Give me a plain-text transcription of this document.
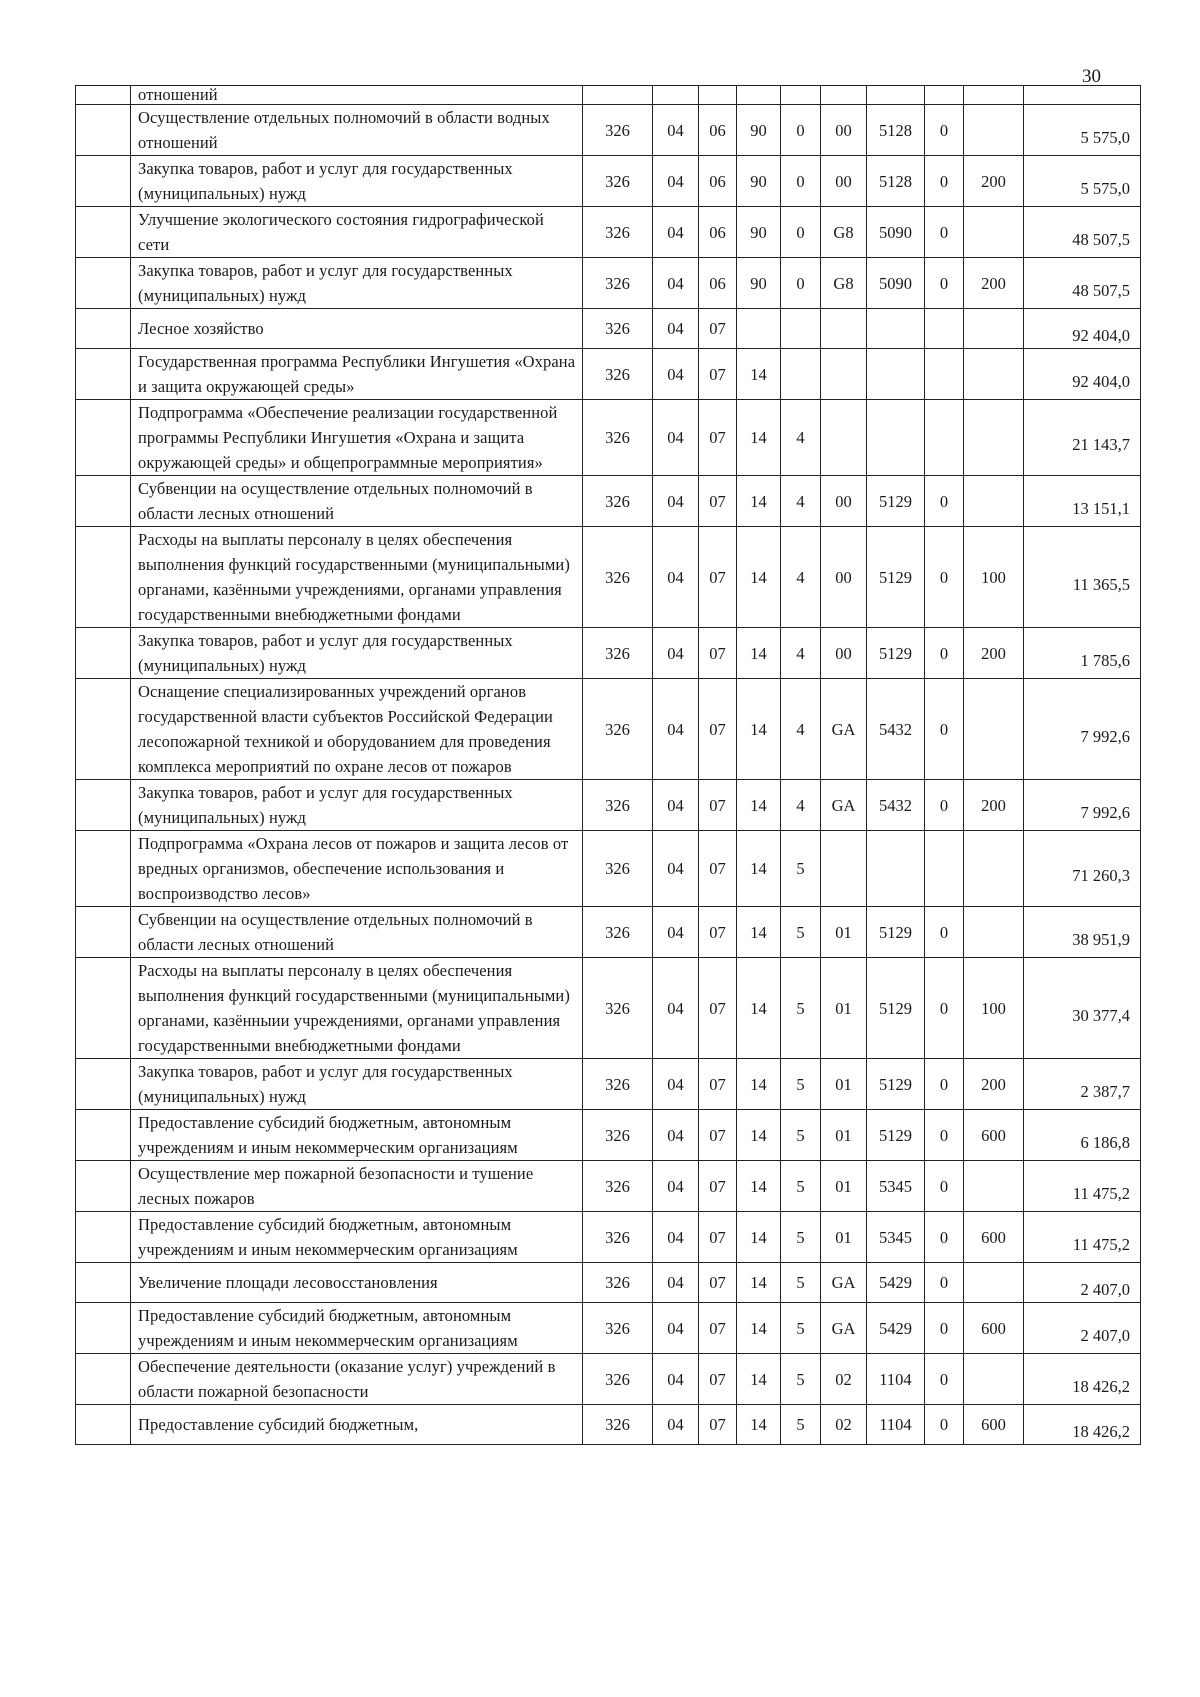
30
	отношений										
	Осуществление отдельных полномочий в области водных отношений	326	04	06	90	0	00	5128	0		5 575,0
	Закупка товаров, работ и услуг для государственных (муниципальных) нужд	326	04	06	90	0	00	5128	0	200	5 575,0
	Улучшение экологического состояния гидрографической сети	326	04	06	90	0	G8	5090	0		48 507,5
	Закупка товаров, работ и услуг для государственных (муниципальных) нужд	326	04	06	90	0	G8	5090	0	200	48 507,5
	Лесное хозяйство	326	04	07							92 404,0
	Государственная программа Республики Ингушетия «Охрана и защита окружающей среды»	326	04	07	14						92 404,0
	Подпрограмма «Обеспечение реализации государственной программы Республики Ингушетия «Охрана и защита окружающей среды» и общепрограммные мероприятия»	326	04	07	14	4					21 143,7
	Субвенции на осуществление отдельных полномочий в области лесных отношений	326	04	07	14	4	00	5129	0		13 151,1
	Расходы на выплаты персоналу в целях обеспечения выполнения функций государственными (муниципальными) органами, казёнными учреждениями, органами управления государственными внебюджетными фондами	326	04	07	14	4	00	5129	0	100	11 365,5
	Закупка товаров, работ и услуг для государственных (муниципальных) нужд	326	04	07	14	4	00	5129	0	200	1 785,6
	Оснащение специализированных учреждений органов государственной власти субъектов Российской Федерации лесопожарной техникой и оборудованием для проведения комплекса мероприятий по охране лесов от пожаров	326	04	07	14	4	GA	5432	0		7 992,6
	Закупка товаров, работ и услуг для государственных (муниципальных) нужд	326	04	07	14	4	GA	5432	0	200	7 992,6
	Подпрограмма «Охрана лесов от пожаров и защита лесов от вредных организмов, обеспечение использования и воспроизводство лесов»	326	04	07	14	5					71 260,3
	Субвенции на осуществление отдельных полномочий в области лесных отношений	326	04	07	14	5	01	5129	0		38 951,9
	Расходы на выплаты персоналу в целях обеспечения выполнения функций государственными (муниципальными) органами, казённыии учреждениями, органами управления государственными внебюджетными фондами	326	04	07	14	5	01	5129	0	100	30 377,4
	Закупка товаров, работ и услуг для государственных (муниципальных) нужд	326	04	07	14	5	01	5129	0	200	2 387,7
	Предоставление субсидий бюджетным, автономным учреждениям и иным некоммерческим организациям	326	04	07	14	5	01	5129	0	600	6 186,8
	Осуществление мер пожарной безопасности и тушение лесных пожаров	326	04	07	14	5	01	5345	0		11 475,2
	Предоставление субсидий бюджетным, автономным учреждениям и иным некоммерческим организациям	326	04	07	14	5	01	5345	0	600	11 475,2
	Увеличение площади лесовосстановления	326	04	07	14	5	GA	5429	0		2 407,0
	Предоставление субсидий бюджетным, автономным учреждениям и иным некоммерческим организациям	326	04	07	14	5	GA	5429	0	600	2 407,0
	Обеспечение деятельности (оказание услуг) учреждений в области пожарной безопасности	326	04	07	14	5	02	1104	0		18 426,2
	Предоставление субсидий бюджетным,	326	04	07	14	5	02	1104	0	600	18 426,2
